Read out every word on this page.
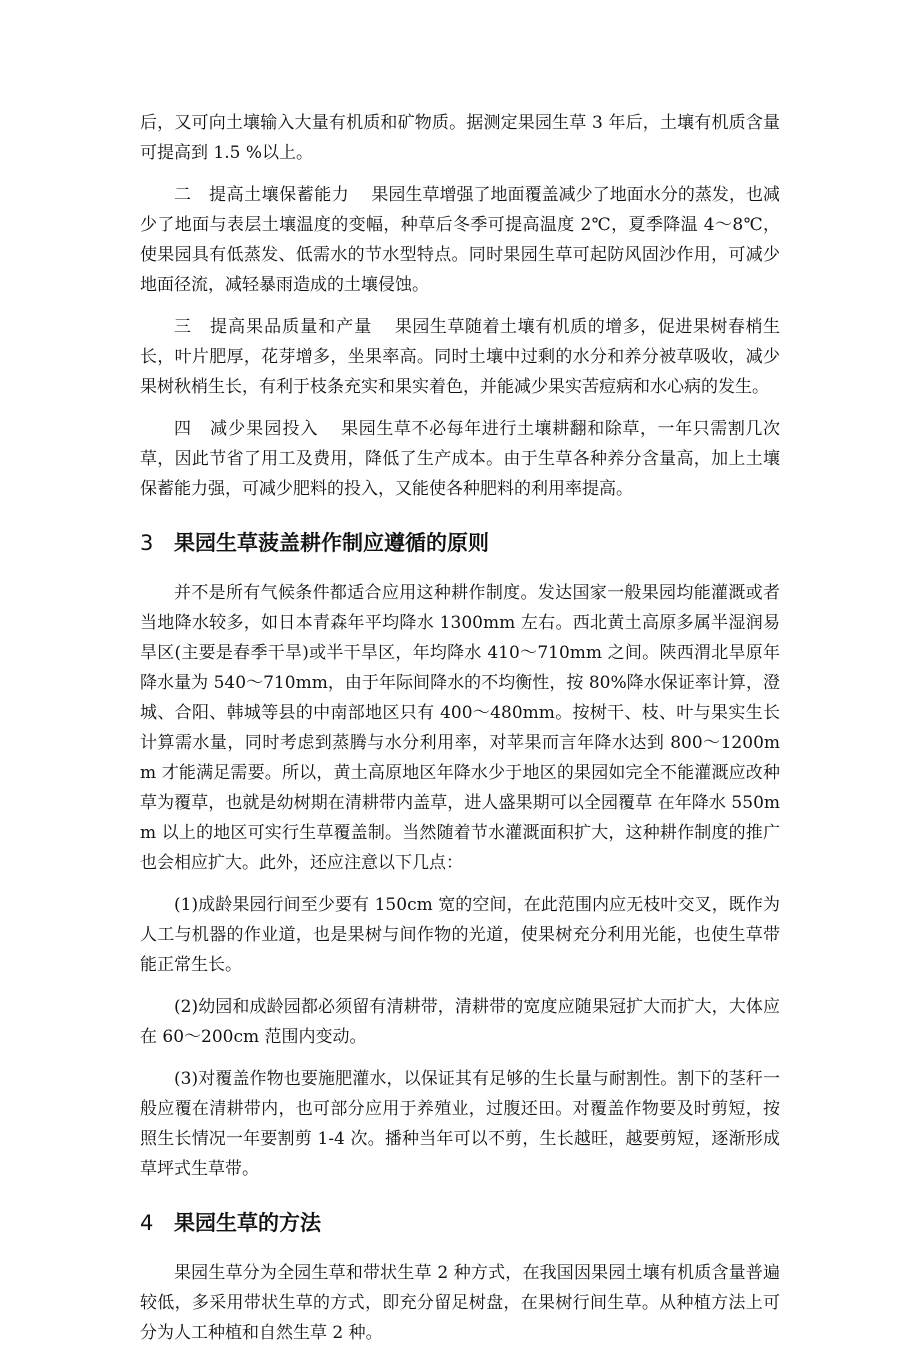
后，又可向土壤输入大量有机质和矿物质。据测定果园生草 3 年后，土壤有机质含量可提高到 1.5 %以上。

二　提高土壤保蓄能力 果园生草增强了地面覆盖减少了地面水分的蒸发，也减少了地面与表层土壤温度的变幅，种草后冬季可提高温度 2℃，夏季降温 4～8℃，使果园具有低蒸发、低需水的节水型特点。同时果园生草可起防风固沙作用，可减少地面径流，减轻暴雨造成的土壤侵蚀。

三　提高果品质量和产量 果园生草随着土壤有机质的增多，促进果树春梢生长，叶片肥厚，花芽增多，坐果率高。同时土壤中过剩的水分和养分被草吸收，减少果树秋梢生长，有利于枝条充实和果实着色，并能减少果实苦痘病和水心病的发生。

四　减少果园投入 果园生草不必每年进行土壤耕翻和除草，一年只需割几次草，因此节省了用工及费用，降低了生产成本。由于生草各种养分含量高，加上土壤保蓄能力强，可减少肥料的投入，又能使各种肥料的利用率提高。

3 果园生草菠盖耕作制应遵循的原则

并不是所有气候条件都适合应用这种耕作制度。发达国家一般果园均能灌溉或者当地降水较多，如日本青森年平均降水 1300mm 左右。西北黄土高原多属半湿润易旱区(主要是春季干旱)或半干旱区，年均降水 410～710mm 之间。陕西渭北旱原年降水量为 540～710mm，由于年际间降水的不均衡性，按 80%降水保证率计算，澄城、合阳、韩城等县的中南部地区只有 400～480mm。按树干、枝、叶与果实生长计算需水量，同时考虑到蒸腾与水分利用率，对苹果而言年降水达到 800～1200mm 才能满足需要。所以，黄土高原地区年降水少于地区的果园如完全不能灌溉应改种草为覆草，也就是幼树期在清耕带内盖草，进人盛果期可以全园覆草 在年降水 550mm 以上的地区可实行生草覆盖制。当然随着节水灌溉面积扩大，这种耕作制度的推广也会相应扩大。此外，还应注意以下几点：

(1)成龄果园行间至少要有 150cm 宽的空间，在此范围内应无枝叶交叉，既作为人工与机器的作业道，也是果树与间作物的光道，使果树充分利用光能，也使生草带能正常生长。

(2)幼园和成龄园都必须留有清耕带，清耕带的宽度应随果冠扩大而扩大，大体应在 60～200cm 范围内变动。

(3)对覆盖作物也要施肥灌水，以保证其有足够的生长量与耐割性。割下的茎秆一般应覆在清耕带内，也可部分应用于养殖业，过腹还田。对覆盖作物要及时剪短，按照生长情况一年要割剪 1-4 次。播种当年可以不剪，生长越旺，越要剪短，逐渐形成草坪式生草带。

4 果园生草的方法

果园生草分为全园生草和带状生草 2 种方式，在我国因果园土壤有机质含量普遍较低，多采用带状生草的方式，即充分留足树盘，在果树行间生草。从种植方法上可分为人工种植和自然生草 2 种。
